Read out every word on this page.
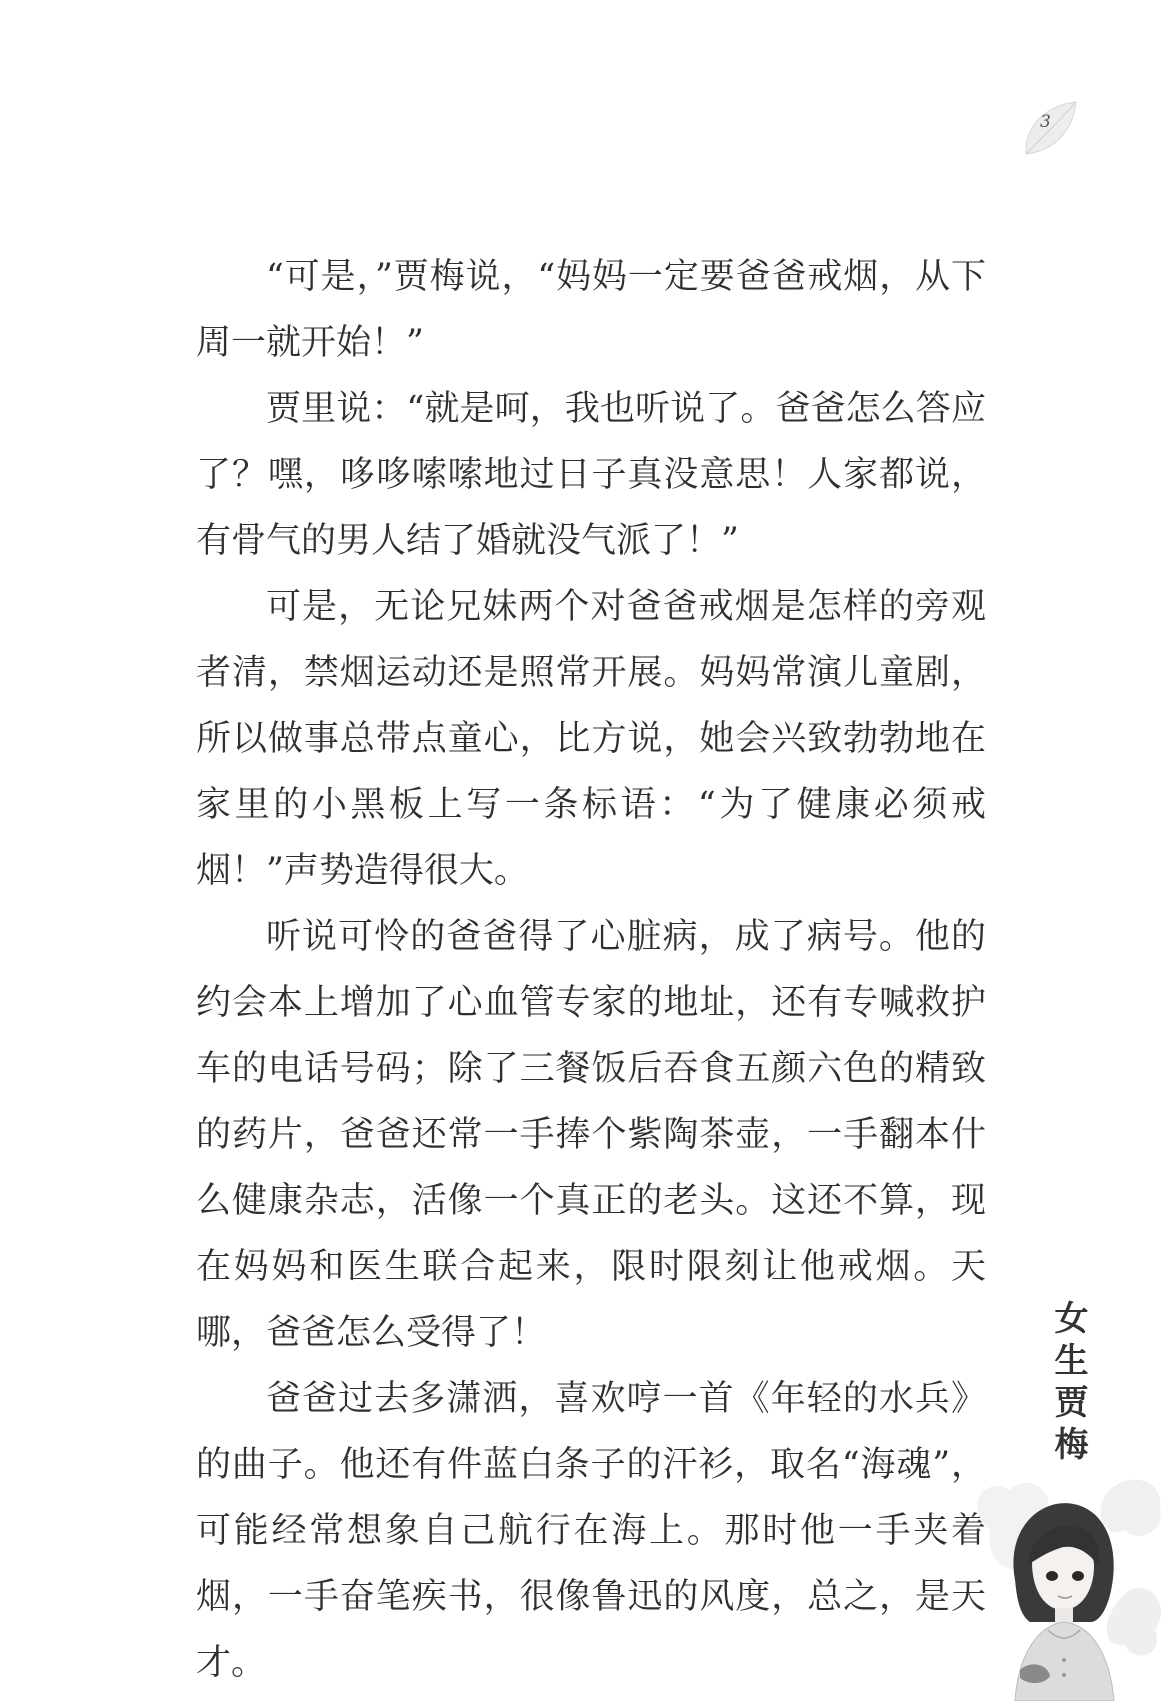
3

“可是，”贾梅说，“妈妈一定要爸爸戒烟，从下周一就开始！”

贾里说：“就是呵，我也听说了。爸爸怎么答应了？嘿，哆哆嗦嗦地过日子真没意思！人家都说，有骨气的男人结了婚就没气派了！”

可是，无论兄妹两个对爸爸戒烟是怎样的旁观者清，禁烟运动还是照常开展。妈妈常演儿童剧，所以做事总带点童心，比方说，她会兴致勃勃地在家里的小黑板上写一条标语：“为了健康必须戒烟！”声势造得很大。

听说可怜的爸爸得了心脏病，成了病号。他的约会本上增加了心血管专家的地址，还有专喊救护车的电话号码；除了三餐饭后吞食五颜六色的精致的药片，爸爸还常一手捧个紫陶茶壶，一手翻本什么健康杂志，活像一个真正的老头。这还不算，现在妈妈和医生联合起来，限时限刻让他戒烟。天哪，爸爸怎么受得了！

爸爸过去多潇洒，喜欢哼一首《年轻的水兵》的曲子。他还有件蓝白条子的汗衫，取名“海魂”，可能经常想象自己航行在海上。那时他一手夹着烟，一手奋笔疾书，很像鲁迅的风度，总之，是天才。

女生贾梅
